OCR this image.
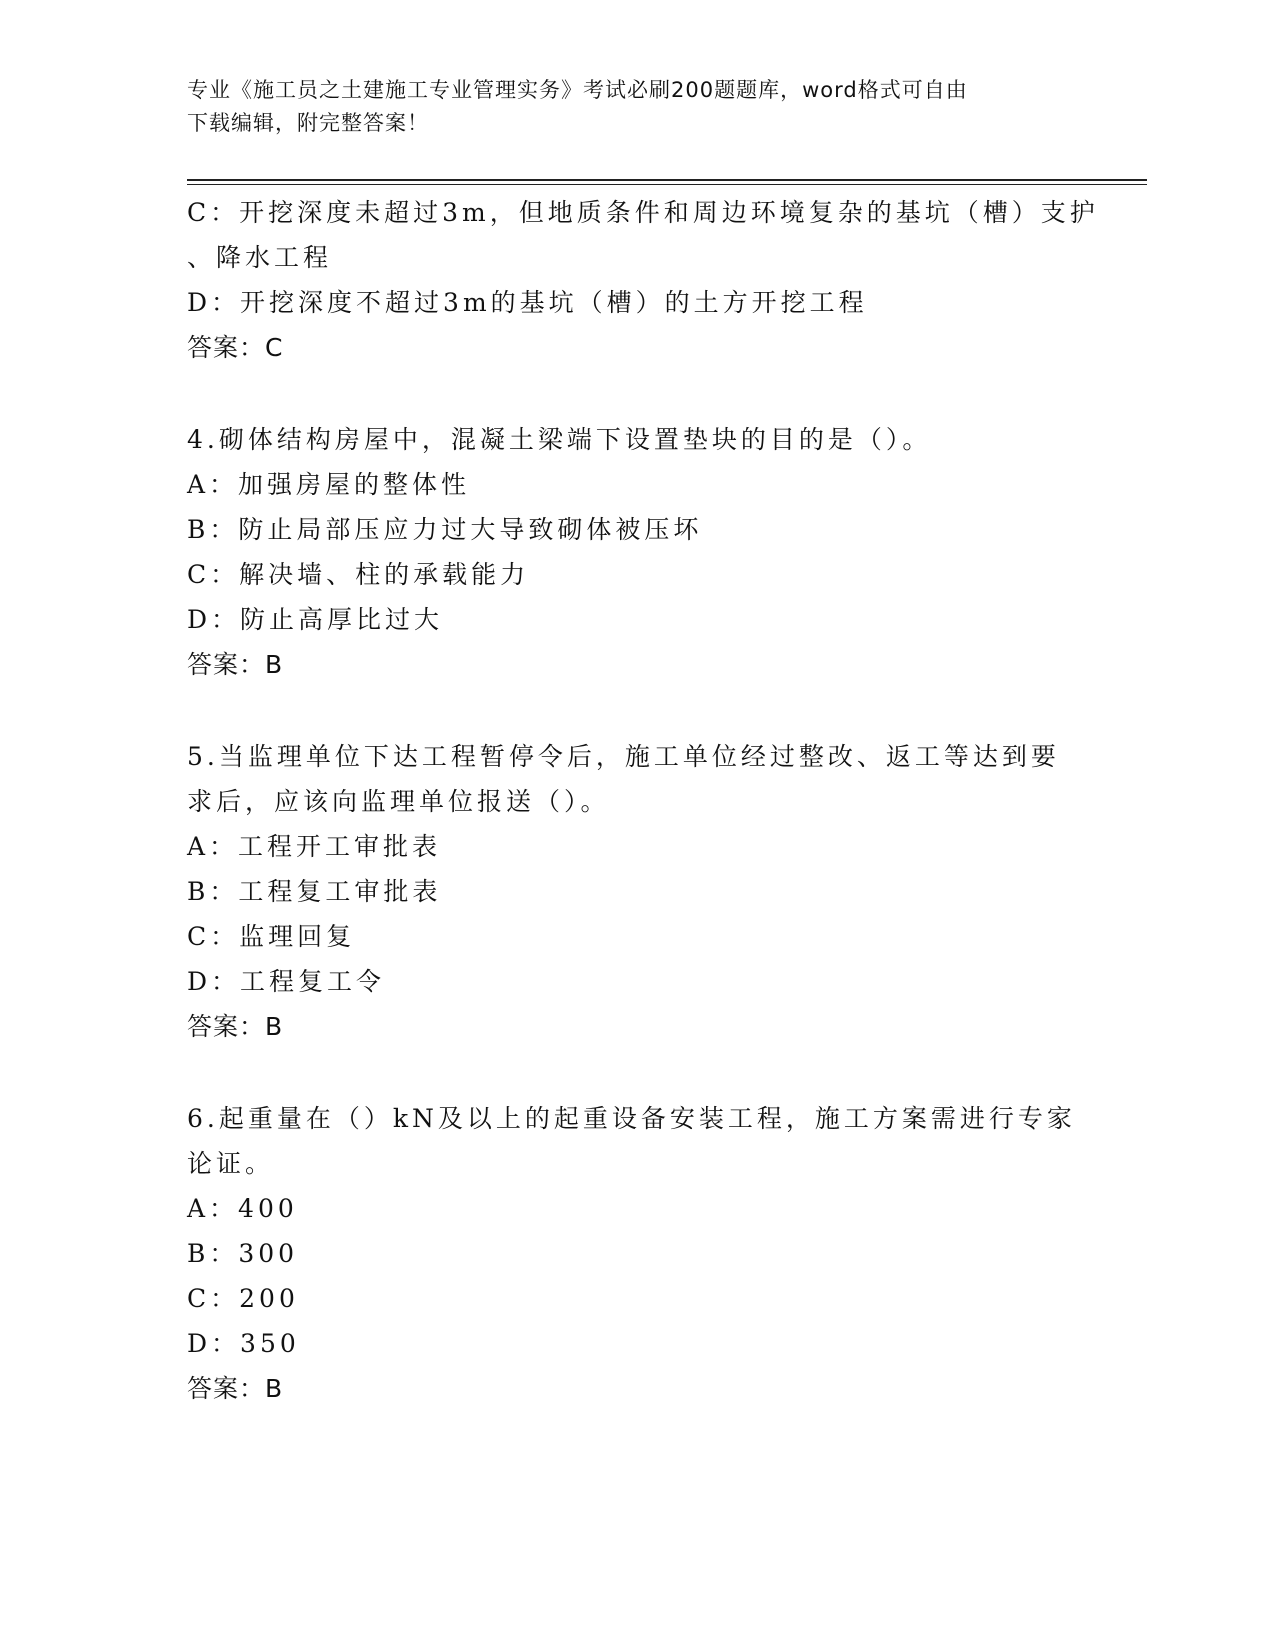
专业《施工员之土建施工专业管理实务》考试必刷200题题库，word格式可自由
下载编辑，附完整答案！
C：开挖深度未超过3m，但地质条件和周边环境复杂的基坑（槽）支护
、降水工程
D：开挖深度不超过3m的基坑（槽）的土方开挖工程
答案：C
4.砌体结构房屋中，混凝土梁端下设置垫块的目的是（）。
A：加强房屋的整体性
B：防止局部压应力过大导致砌体被压坏
C：解决墙、柱的承载能力
D：防止高厚比过大
答案：B
5.当监理单位下达工程暂停令后，施工单位经过整改、返工等达到要
求后，应该向监理单位报送（）。
A：工程开工审批表
B：工程复工审批表
C：监理回复
D：工程复工令
答案：B
6.起重量在（）kN及以上的起重设备安装工程，施工方案需进行专家
论证。
A：400
B：300
C：200
D：350
答案：B
